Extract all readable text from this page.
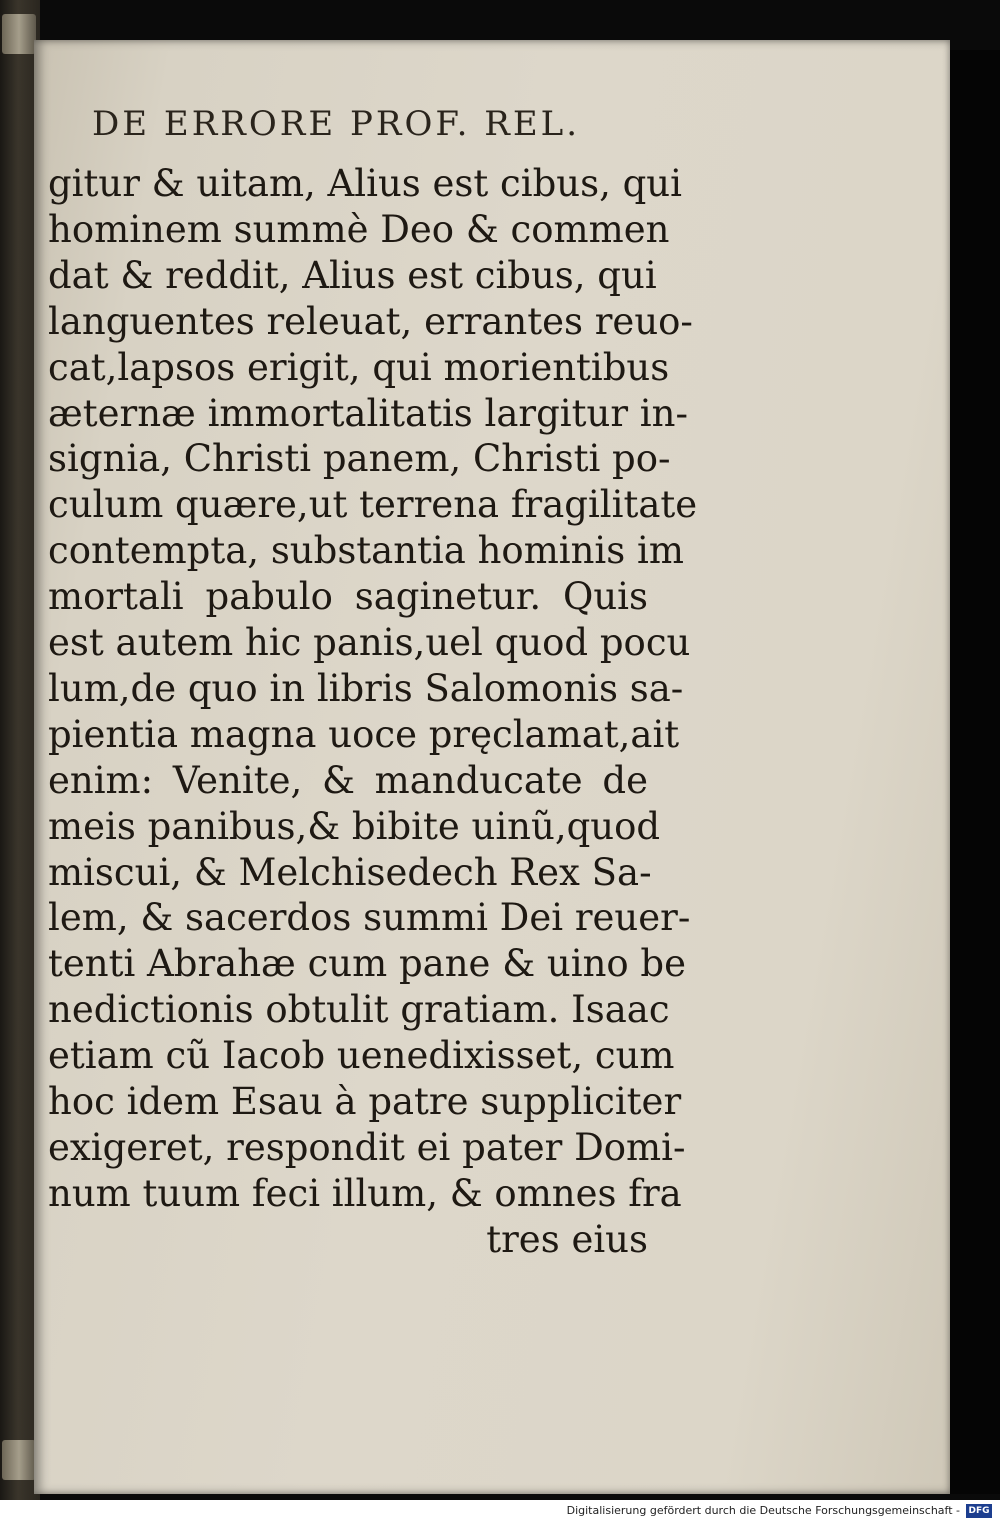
DE ERRORE PROF. REL.
gitur & uitam, Alius est cibus, qui
hominem summè Deo & commen
dat & reddit, Alius est cibus, qui
languentes releuat, errantes reuo-
cat,lapsos erigit, qui morientibus
æternæ immortalitatis largitur in-
signia, Christi panem, Christi po-
culum quære,ut terrena fragilitate
contempta, substantia hominis im
mortali pabulo saginetur. Quis
est autem hic panis,uel quod pocu
lum,de quo in libris Salomonis sa-
pientia magna uoce pręclamat,ait
enim: Venite, & manducate de
meis panibus,& bibite uinũ,quod
miscui, & Melchisedech Rex Sa-
lem, & sacerdos summi Dei reuer-
tenti Abrahæ cum pane & uino be
nedictionis obtulit gratiam. Isaac
etiam cũ Iacob uenedixisset, cum
hoc idem Esau à patre suppliciter
exigeret, respondit ei pater Domi-
num tuum feci illum, & omnes fra
tres eius
Digitalisierung gefördert durch die Deutsche Forschungsgemeinschaft - DFG
